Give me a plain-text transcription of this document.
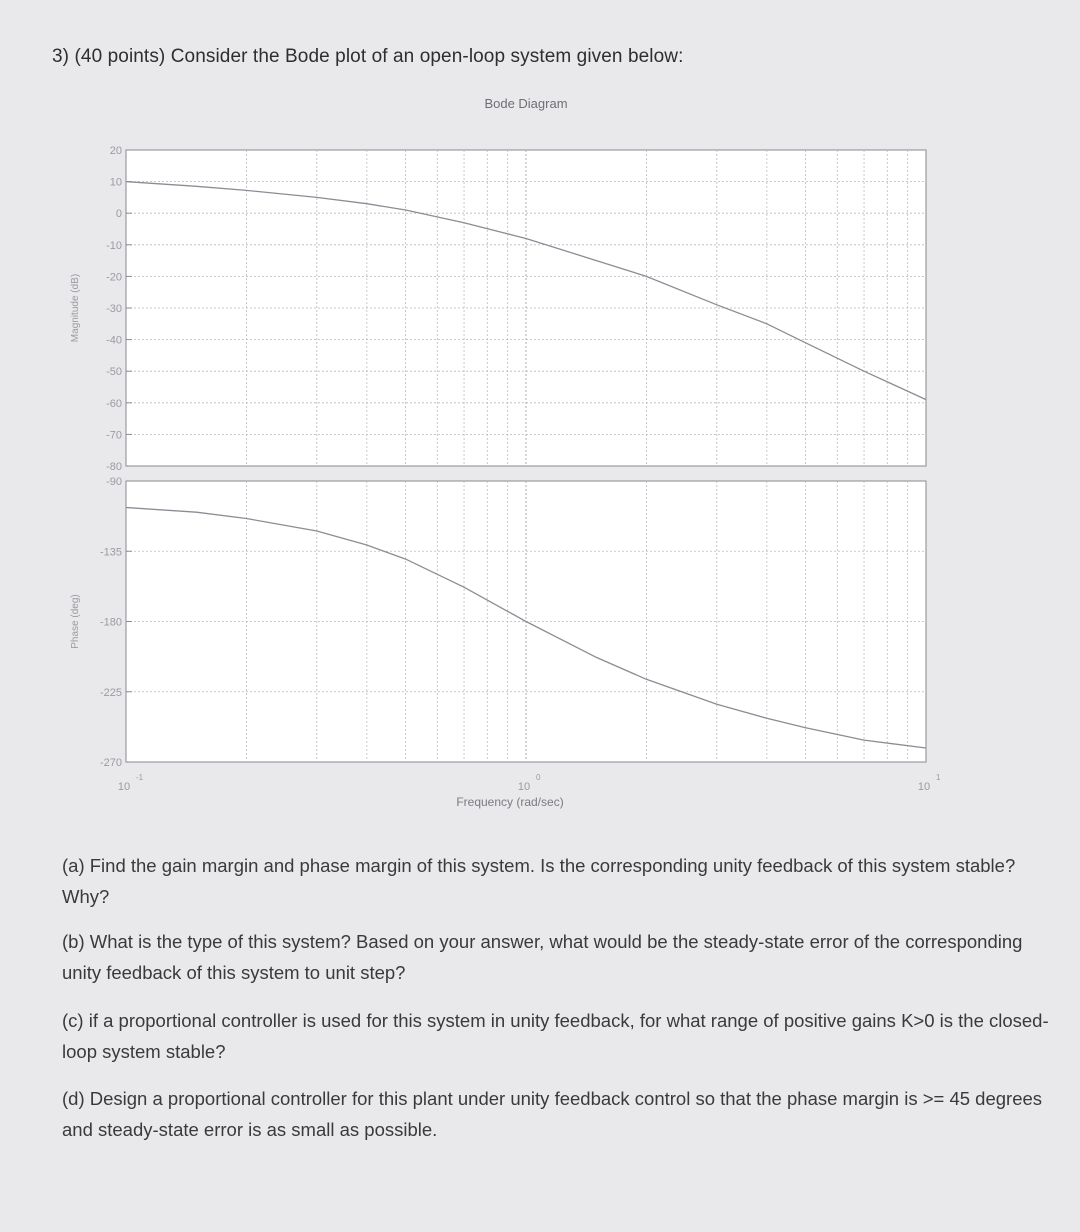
3) (40 points) Consider the Bode plot of an open-loop system given below:
Bode Diagram
20
10
0
-10
-20
-30
-40
-50
-60
-70
-80
Magnitude (dB)
-90
-135
-180
-225
-270
Phase (deg)
10
-1
10
0
10
1
Frequency (rad/sec)
(a) Find the gain margin and phase margin of this system. Is the corresponding unity feedback of this system stable? Why?
(b) What is the type of this system? Based on your answer, what would be the steady-state error of the corresponding unity feedback of this system to unit step?
(c) if a proportional controller is used for this system in unity feedback, for what range of positive gains K>0 is the closed-loop system stable?
(d) Design a proportional controller for this plant under unity feedback control so that the phase margin is >= 45 degrees and steady-state error is as small as possible.
